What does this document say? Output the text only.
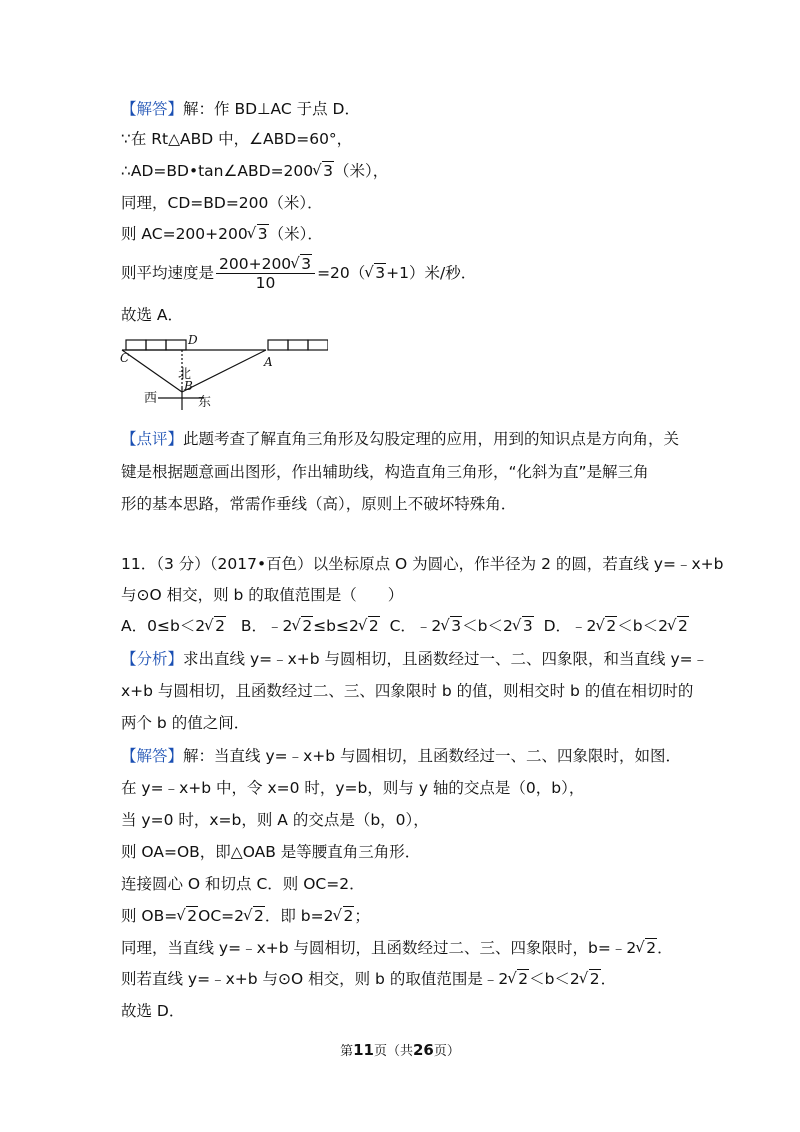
【解答】解：作 BD⊥AC 于点 D．
∵在 Rt△ABD 中，∠ABD=60°，
∴AD=BD•tan∠ABD=200√ 3（米），
同理，CD=BD=200（米）．
则 AC=200+200√ 3（米）．
则平均速度是 $\frac{200+200√ 3}{10} =20(√$ 3+1）米/秒．
故选 A．
C
D
A
B
北
西	东
【点评】此题考查了解直角三角形及勾股定理的应用，用到的知识点是方向角，关
键是根据题意画出图形，作出辅助线，构造直角三角形，“化斜为直”是解三角
形的基本思路，常需作垂线（高），原则上不破坏特殊角．
11．（3 分）（2017•百色）以坐标原点 O 为圆心，作半径为 2 的圆，若直线 y=﹣x+b
与⊙O 相交，则 b 的取值范围是（　　）
A．0≤b＜2√ 2 B．﹣2√ 2≤b≤2√ 2 C．﹣2√ 3＜b＜2√ 3 D．﹣2√ 2＜b＜2√ 2
【分析】求出直线 y=﹣x+b 与圆相切，且函数经过一、二、四象限，和当直线 y=﹣
x+b 与圆相切，且函数经过二、三、四象限时 b 的值，则相交时 b 的值在相切时的
两个 b 的值之间．
【解答】解：当直线 y=﹣x+b 与圆相切，且函数经过一、二、四象限时，如图．
在 y=﹣x+b 中，令 x=0 时，y=b，则与 y 轴的交点是（0，b），
当 y=0 时，x=b，则 A 的交点是（b，0），
则 OA=OB，即△OAB 是等腰直角三角形．
连接圆心 O 和切点 C．则 OC=2．
则 OB=√ 2OC=2√ 2．即 b=2√ 2；
同理，当直线 y=﹣x+b 与圆相切，且函数经过二、三、四象限时，b=﹣2√ 2．
则若直线 y=﹣x+b 与⊙O 相交，则 b 的取值范围是﹣2√ 2＜b＜2√ 2．
故选 D．
第11页（共26页）
